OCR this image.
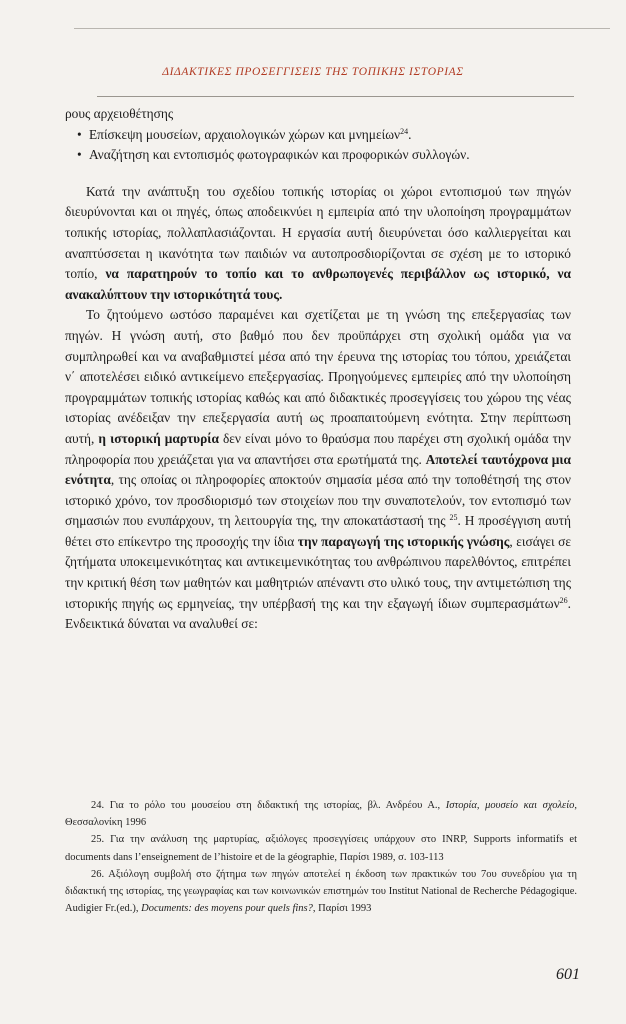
ΔΙΔΑΚΤΙΚΕΣ ΠΡΟΣΕΓΓΙΣΕΙΣ ΤΗΣ ΤΟΠΙΚΗΣ ΙΣΤΟΡΙΑΣ

ρους αρχειοθέτησης

• Επίσκεψη μουσείων, αρχαιολογικών χώρων και μνημείων$^{24}$.
• Αναζήτηση και εντοπισμός φωτογραφικών και προφορικών συλλογών.

Κατά την ανάπτυξη του σχεδίου τοπικής ιστορίας οι χώροι εντοπισμού των πηγών διευρύνονται και οι πηγές, όπως αποδεικνύει η εμπειρία από την υλοποίηση προγραμμάτων τοπικής ιστορίας, πολλαπλασιάζονται. Η εργασία αυτή διευρύνεται όσο καλλιεργείται και αναπτύσσεται η ικανότητα των παιδιών να αυτοπροσδιορίζονται σε σχέση με το ιστορικό τοπίο, να παρατηρούν το τοπίο και το ανθρωπογενές περιβάλλον ως ιστορικό, να ανακαλύπτουν την ιστορικότητά τους.

Το ζητούμενο ωστόσο παραμένει και σχετίζεται με τη γνώση της επεξεργασίας των πηγών. Η γνώση αυτή, στο βαθμό που δεν προϋπάρχει στη σχολική ομάδα για να συμπληρωθεί και να αναβαθμιστεί μέσα από την έρευνα της ιστορίας του τόπου, χρειάζεται ν΄ αποτελέσει ειδικό αντικείμενο επεξεργασίας. Προηγούμενες εμπειρίες από την υλοποίηση προγραμμάτων τοπικής ιστορίας καθώς και από διδακτικές προσεγγίσεις του χώρου της νέας ιστορίας ανέδειξαν την επεξεργασία αυτή ως προαπαιτούμενη ενότητα. Στην περίπτωση αυτή, η ιστορική μαρτυρία δεν είναι μόνο το θραύσμα που παρέχει στη σχολική ομάδα την πληροφορία που χρειάζεται για να απαντήσει στα ερωτήματά της. Αποτελεί ταυτόχρονα μια ενότητα, της οποίας οι πληροφορίες αποκτούν σημασία μέσα από την τοποθέτησή της στον ιστορικό χρόνο, τον προσδιορισμό των στοιχείων που την συναποτελούν, τον εντοπισμό των σημασιών που ενυπάρχουν, τη λειτουργία της, την αποκατάστασή της $^{25}$. Η προσέγγιση αυτή θέτει στο επίκεντρο της προσοχής την ίδια την παραγωγή της ιστορικής γνώσης, εισάγει σε ζητήματα υποκειμενικότητας και αντικειμενικότητας του ανθρώπινου παρελθόντος, επιτρέπει την κριτική θέση των μαθητών και μαθητριών απέναντι στο υλικό τους, την αντιμετώπιση της ιστορικής πηγής ως ερμηνείας, την υπέρβασή της και την εξαγωγή ίδιων συμπερασμάτων$^{26}$. Ενδεικτικά δύναται να αναλυθεί σε:

24. Για το ρόλο του μουσείου στη διδακτική της ιστορίας, βλ. Ανδρέου Α., Ιστορία, μουσείο και σχολείο, Θεσσαλονίκη 1996

25. Για την ανάλυση της μαρτυρίας, αξιόλογες προσεγγίσεις υπάρχουν στο INRP, Supports informatifs et documents dans l’enseignement de l’histoire et de la géographie, Παρίσι 1989, σ. 103-113

26. Αξιόλογη συμβολή στο ζήτημα των πηγών αποτελεί η έκδοση των πρακτικών του 7ου συνεδρίου για τη διδακτική της ιστορίας, της γεωγραφίας και των κοινωνικών επιστημών του Institut National de Recherche Pédagogique. Audigier Fr.(ed.), Documents: des moyens pour quels fins?, Παρίσι 1993

601
